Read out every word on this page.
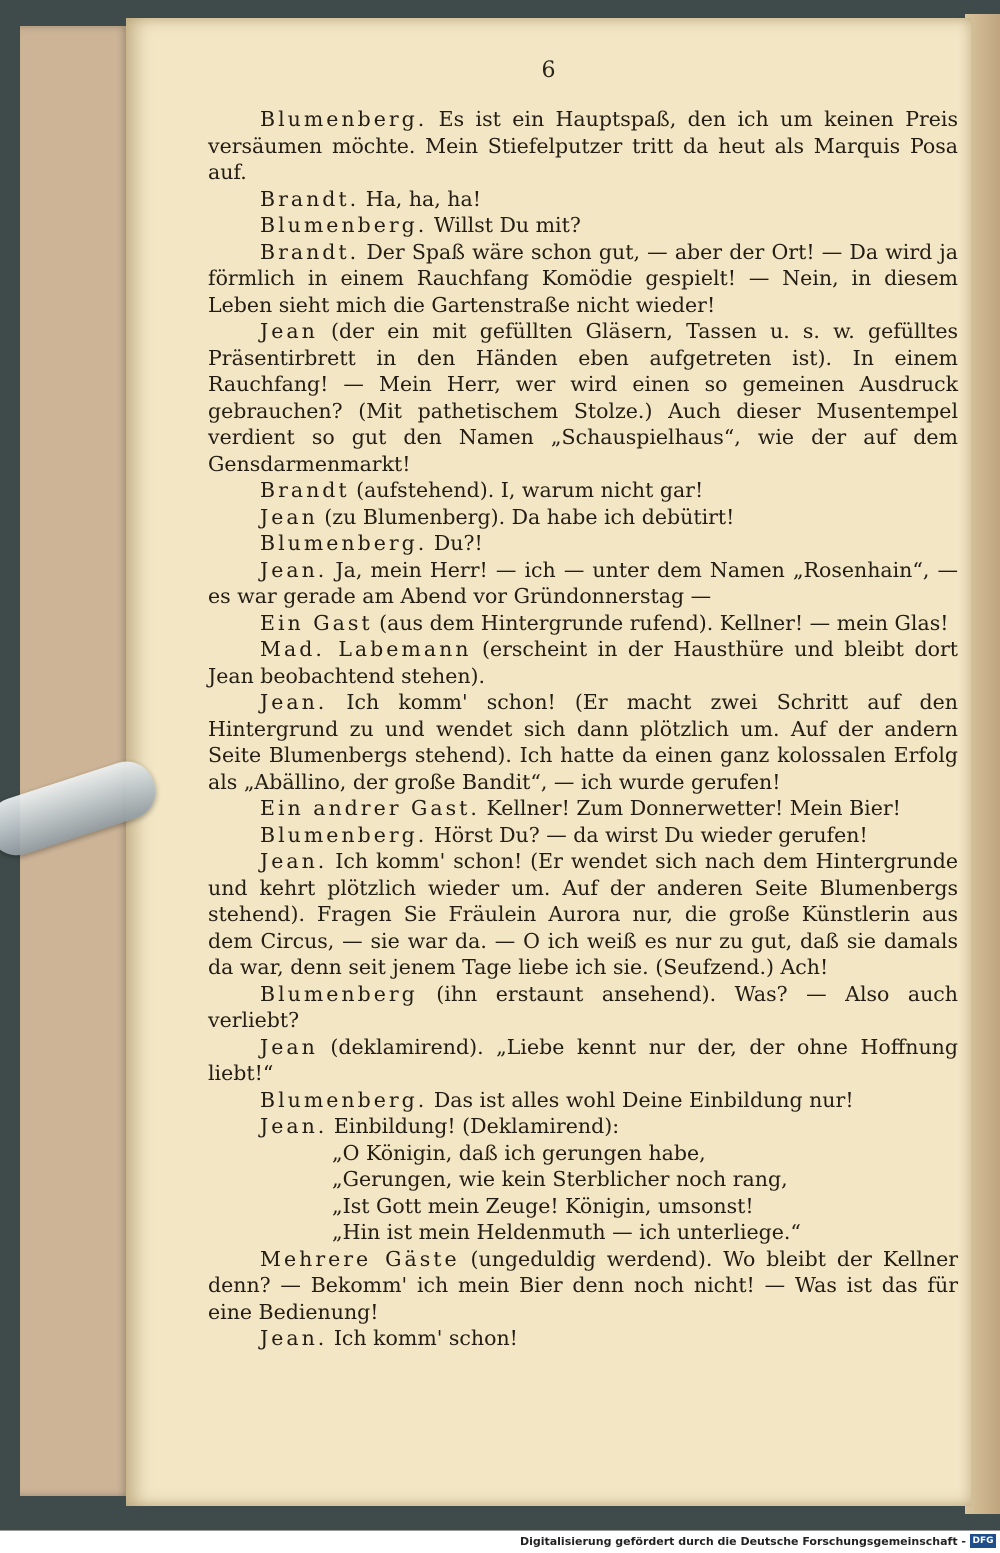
6

Blumenberg. Es ist ein Hauptspaß, den ich um keinen Preis versäumen möchte. Mein Stiefelputzer tritt da heut als Marquis Posa auf.

Brandt. Ha, ha, ha!

Blumenberg. Willst Du mit?

Brandt. Der Spaß wäre schon gut, — aber der Ort! — Da wird ja förmlich in einem Rauchfang Komödie gespielt! — Nein, in diesem Leben sieht mich die Gartenstraße nicht wieder!

Jean (der ein mit gefüllten Gläsern, Tassen u. s. w. gefülltes Präsentirbrett in den Händen eben aufgetreten ist). In einem Rauchfang! — Mein Herr, wer wird einen so gemeinen Ausdruck gebrauchen? (Mit pathetischem Stolze.) Auch dieser Musentempel verdient so gut den Namen „Schauspielhaus“, wie der auf dem Gensdarmenmarkt!

Brandt (aufstehend). I, warum nicht gar!

Jean (zu Blumenberg). Da habe ich debütirt!

Blumenberg. Du?!

Jean. Ja, mein Herr! — ich — unter dem Namen „Rosenhain“, — es war gerade am Abend vor Gründonnerstag —

Ein Gast (aus dem Hintergrunde rufend). Kellner! — mein Glas!

Mad. Labemann (erscheint in der Hausthüre und bleibt dort Jean beobachtend stehen).

Jean. Ich komm' schon! (Er macht zwei Schritt auf den Hintergrund zu und wendet sich dann plötzlich um. Auf der andern Seite Blumenbergs stehend). Ich hatte da einen ganz kolossalen Erfolg als „Abällino, der große Bandit“, — ich wurde gerufen!

Ein andrer Gast. Kellner! Zum Donnerwetter! Mein Bier!

Blumenberg. Hörst Du? — da wirst Du wieder gerufen!

Jean. Ich komm' schon! (Er wendet sich nach dem Hintergrunde und kehrt plötzlich wieder um. Auf der anderen Seite Blumenbergs stehend). Fragen Sie Fräulein Aurora nur, die große Künstlerin aus dem Circus, — sie war da. — O ich weiß es nur zu gut, daß sie damals da war, denn seit jenem Tage liebe ich sie. (Seufzend.) Ach!

Blumenberg (ihn erstaunt ansehend). Was? — Also auch verliebt?

Jean (deklamirend). „Liebe kennt nur der, der ohne Hoffnung liebt!“

Blumenberg. Das ist alles wohl Deine Einbildung nur!

Jean. Einbildung! (Deklamirend):

„O Königin, daß ich gerungen habe,

„Gerungen, wie kein Sterblicher noch rang,

„Ist Gott mein Zeuge! Königin, umsonst!

„Hin ist mein Heldenmuth — ich unterliege.“

Mehrere Gäste (ungeduldig werdend). Wo bleibt der Kellner denn? — Bekomm' ich mein Bier denn noch nicht! — Was ist das für eine Bedienung!

Jean. Ich komm' schon!

Digitalisierung gefördert durch die Deutsche Forschungsgemeinschaft - DFG
